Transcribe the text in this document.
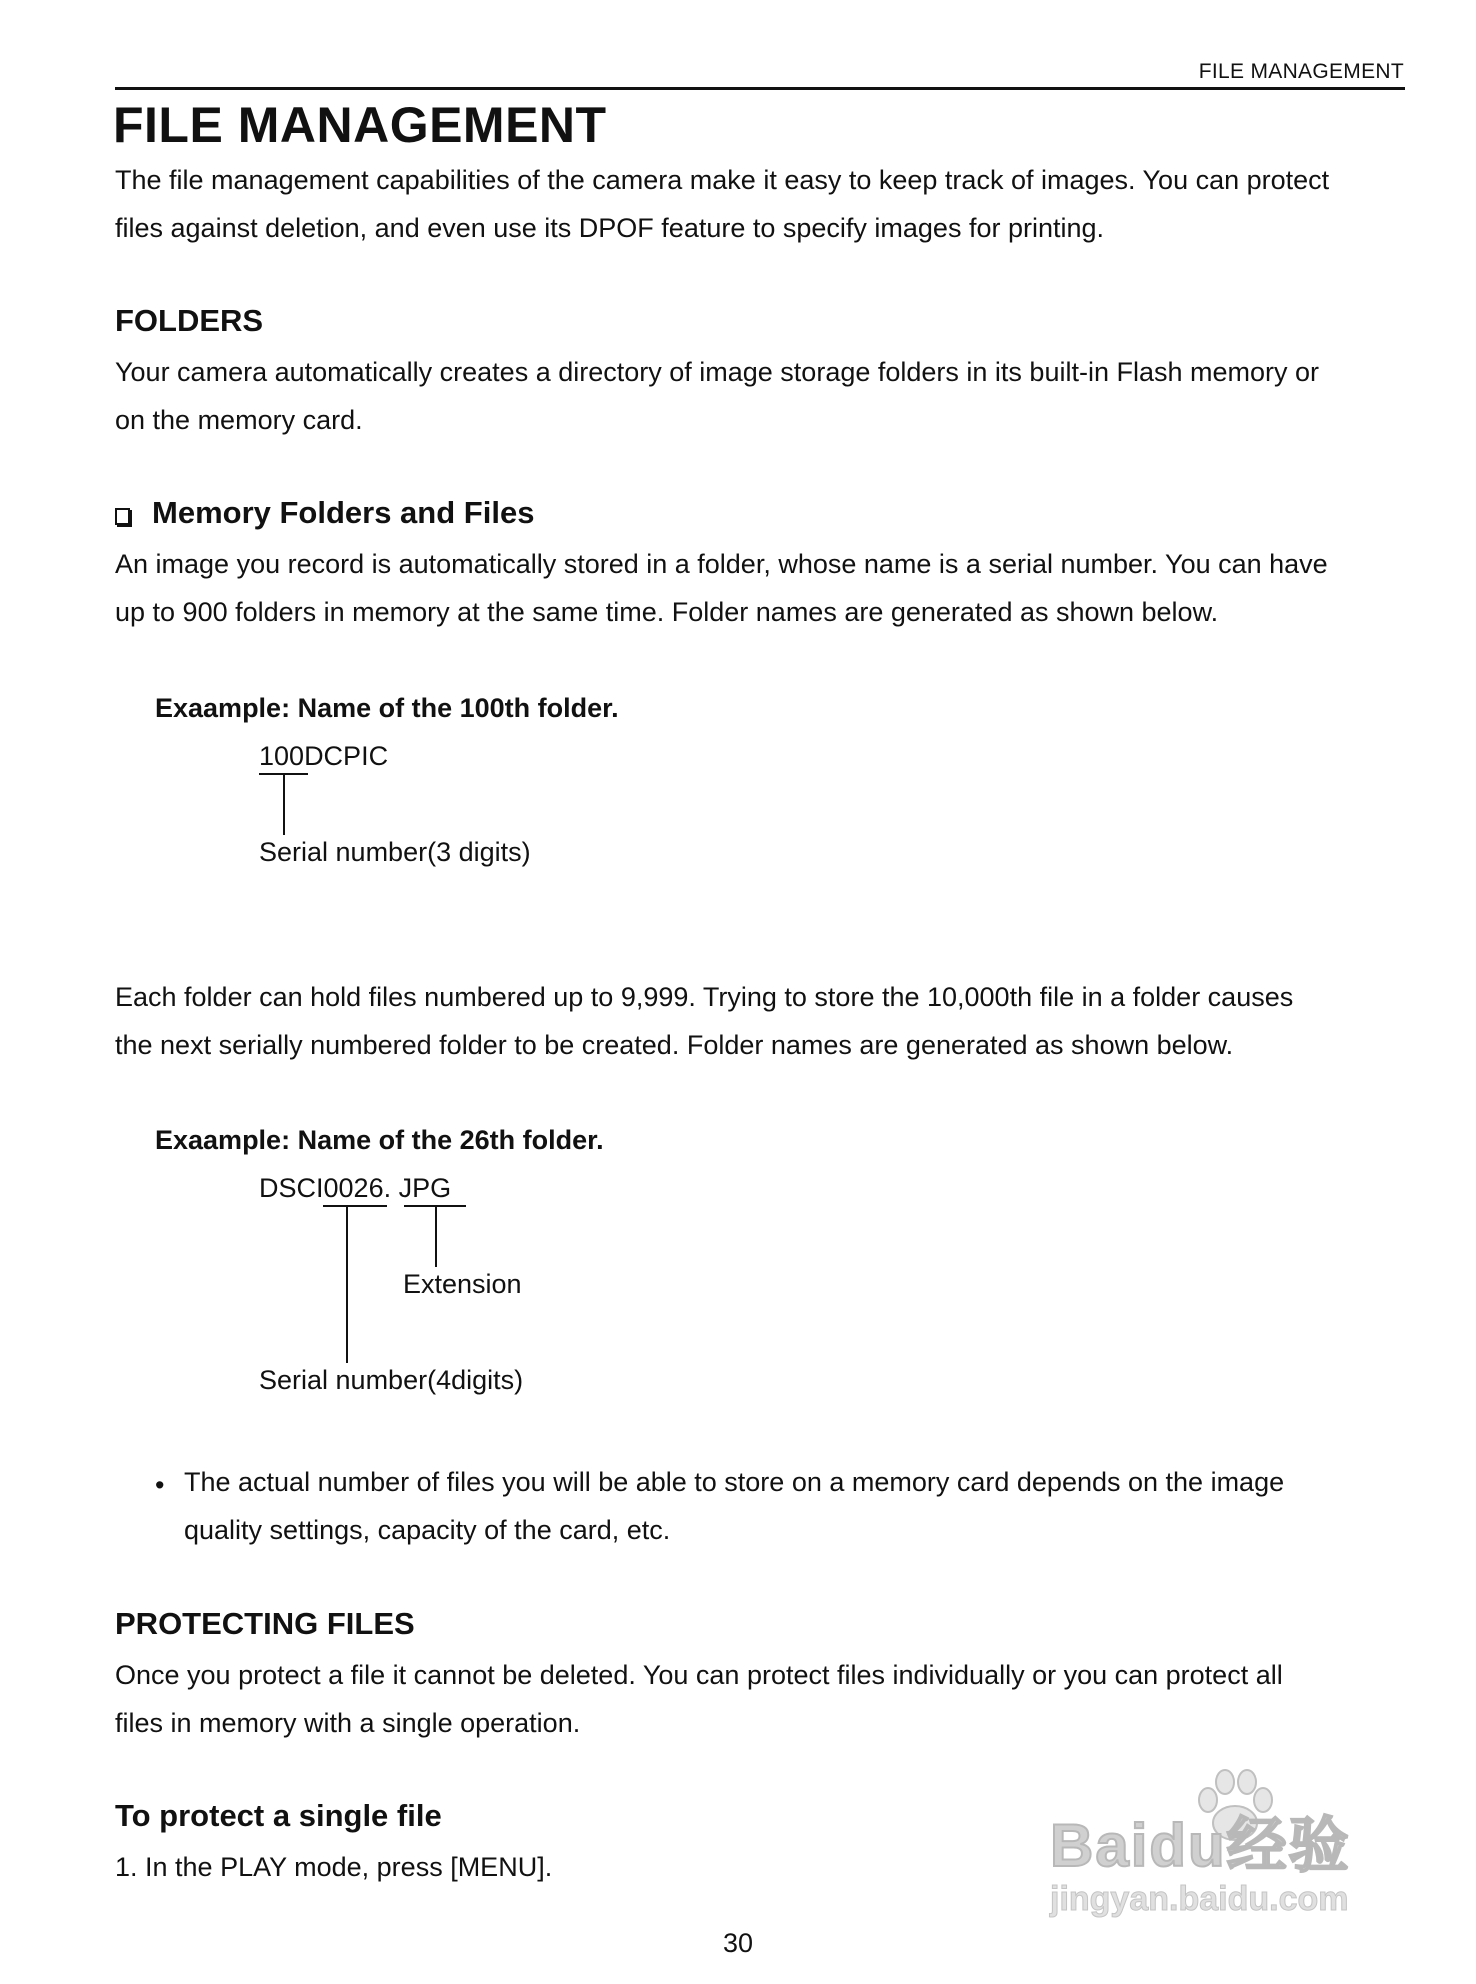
FILE MANAGEMENT
FILE MANAGEMENT
The file management capabilities of the camera make it easy to keep track of images. You can protect
files against deletion, and even use its DPOF feature to specify images for printing.
FOLDERS
Your camera automatically creates a directory of image storage folders in its built-in Flash memory or
on the memory card.
Memory Folders and Files
An image you record is automatically stored in a folder, whose name is a serial number. You can have
up to 900 folders in memory at the same time. Folder names are generated as shown below.
Exaample: Name of the 100th folder.
100DCPIC
Serial number(3 digits)
Each folder can hold files numbered up to 9,999. Trying to store the 10,000th file in a folder causes
the next serially numbered folder to be created. Folder names are generated as shown below.
Exaample: Name of the 26th folder.
DSCI0026. JPG
Extension
Serial number(4digits)
• The actual number of files you will be able to store on a memory card depends on the image
quality settings, capacity of the card, etc.
PROTECTING FILES
Once you protect a file it cannot be deleted. You can protect files individually or you can protect all
files in memory with a single operation.
To protect a single file
1. In the PLAY mode, press [MENU].	Baidu经验
jingyan.baidu.com
30
